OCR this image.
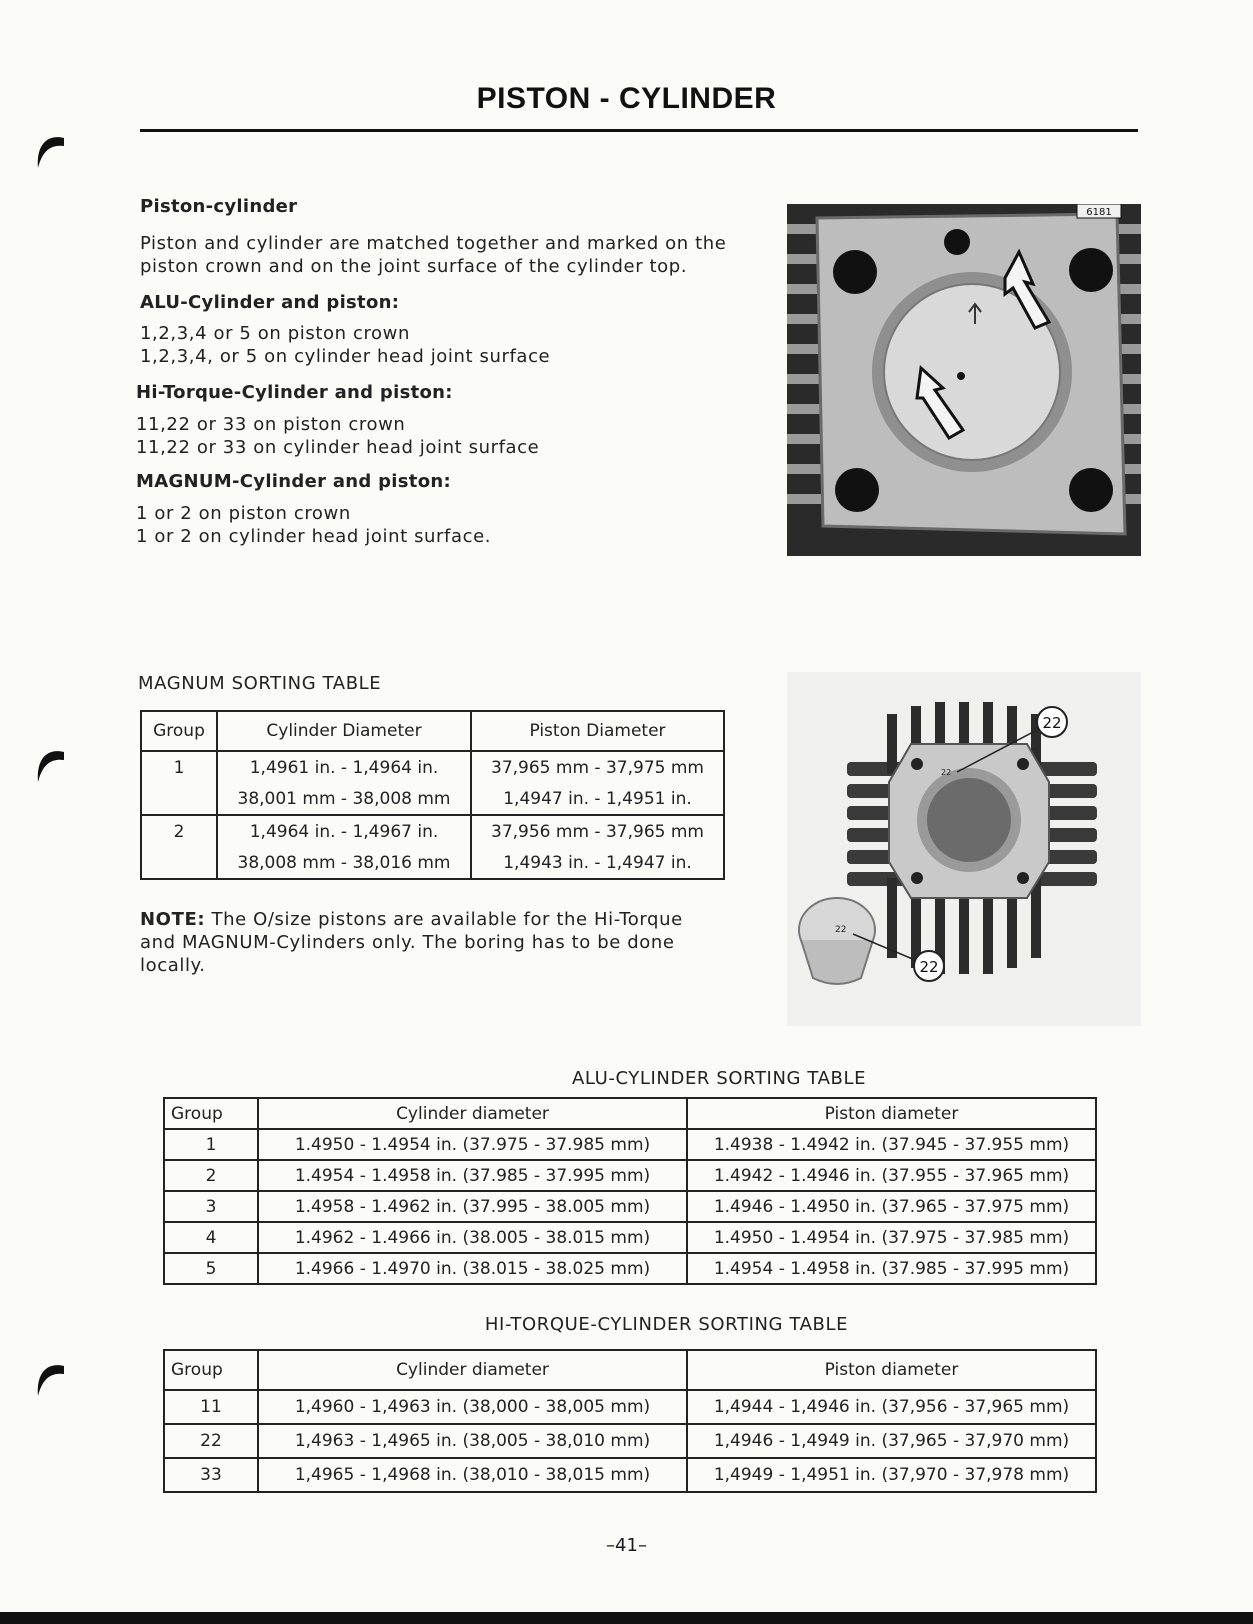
PISTON - CYLINDER
Piston-cylinder
Piston and cylinder are matched together and marked on the
piston crown and on the joint surface of the cylinder top.
ALU-Cylinder and piston:
1,2,3,4 or 5 on piston crown
1,2,3,4, or 5 on cylinder head joint surface
Hi-Torque-Cylinder and piston:
11,22 or 33 on piston crown
11,22 or 33 on cylinder head joint surface
MAGNUM-Cylinder and piston:
1 or 2 on piston crown
1 or 2 on cylinder head joint surface.
6181
MAGNUM SORTING TABLE
Group	Cylinder Diameter	Piston Diameter
1	1,4961 in. - 1,4964 in.	37,965 mm - 37,975 mm
	38,001 mm - 38,008 mm	1,4947 in. - 1,4951 in.
2	1,4964 in. - 1,4967 in.	37,956 mm - 37,965 mm
	38,008 mm - 38,016 mm	1,4943 in. - 1,4947 in.
NOTE: The O/size pistons are available for the Hi-Torque
and MAGNUM-Cylinders only. The boring has to be done
locally.
22
22
22
22
ALU-CYLINDER SORTING TABLE
Group	Cylinder diameter	Piston diameter
1	1.4950 - 1.4954 in. (37.975 - 37.985 mm)	1.4938 - 1.4942 in. (37.945 - 37.955 mm)
2	1.4954 - 1.4958 in. (37.985 - 37.995 mm)	1.4942 - 1.4946 in. (37.955 - 37.965 mm)
3	1.4958 - 1.4962 in. (37.995 - 38.005 mm)	1.4946 - 1.4950 in. (37.965 - 37.975 mm)
4	1.4962 - 1.4966 in. (38.005 - 38.015 mm)	1.4950 - 1.4954 in. (37.975 - 37.985 mm)
5	1.4966 - 1.4970 in. (38.015 - 38.025 mm)	1.4954 - 1.4958 in. (37.985 - 37.995 mm)
HI-TORQUE-CYLINDER SORTING TABLE
Group	Cylinder diameter	Piston diameter
11	1,4960 - 1,4963 in. (38,000 - 38,005 mm)	1,4944 - 1,4946 in. (37,956 - 37,965 mm)
22	1,4963 - 1,4965 in. (38,005 - 38,010 mm)	1,4946 - 1,4949 in. (37,965 - 37,970 mm)
33	1,4965 - 1,4968 in. (38,010 - 38,015 mm)	1,4949 - 1,4951 in. (37,970 - 37,978 mm)
–41–
